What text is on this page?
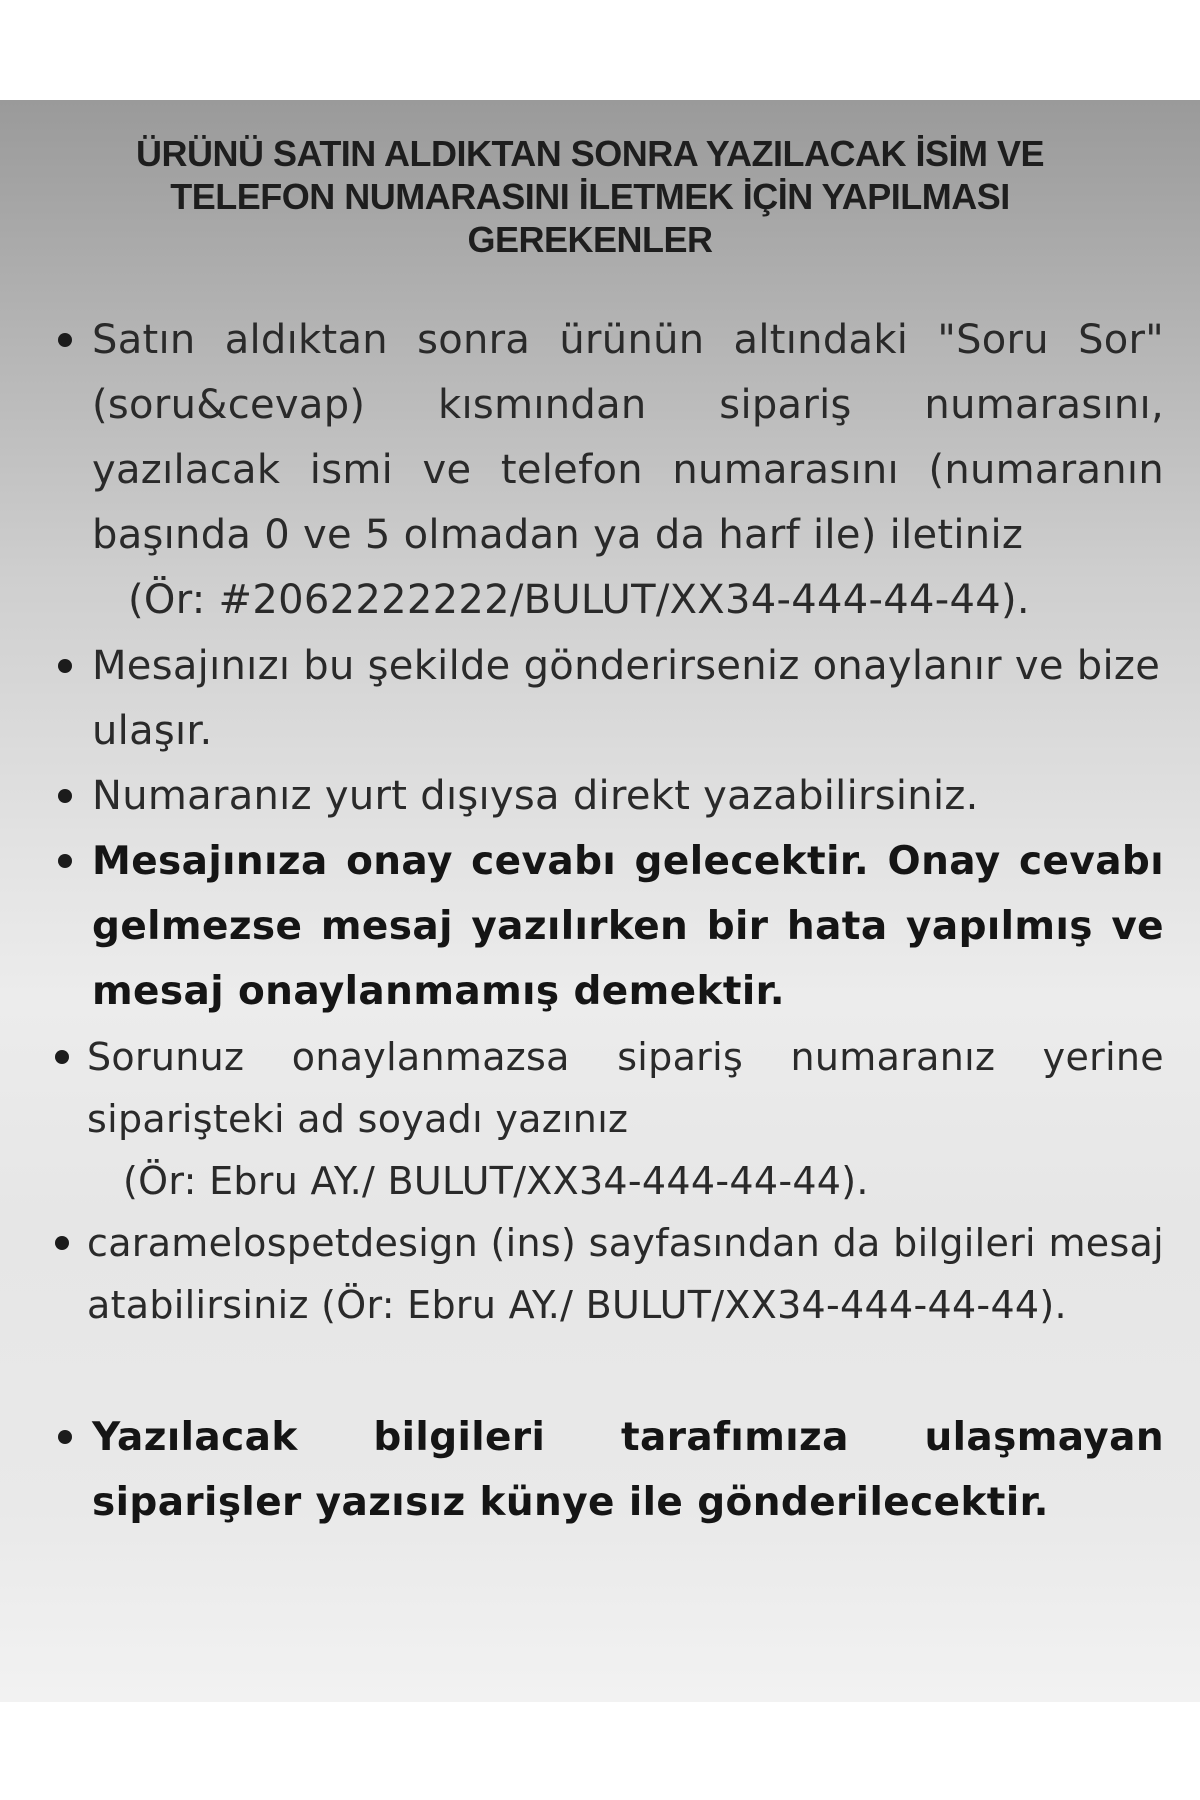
ÜRÜNÜ SATIN ALDIKTAN SONRA YAZILACAK İSİM VE TELEFON NUMARASINI İLETMEK İÇİN YAPILMASI GEREKENLER

Satın aldıktan sonra ürünün altındaki "Soru Sor" (soru&cevap) kısmından sipariş numarasını, yazılacak ismi ve telefon numarasını (numaranın başında 0 ve 5 olmadan ya da harf ile) iletiniz
(Ör: #2062222222/BULUT/XX34-444-44-44).

Mesajınızı bu şekilde gönderirseniz onaylanır ve bize ulaşır.

Numaranız yurt dışıysa direkt yazabilirsiniz.

Mesajınıza onay cevabı gelecektir. Onay cevabı gelmezse mesaj yazılırken bir hata yapılmış ve mesaj onaylanmamış demektir.

Sorunuz onaylanmazsa sipariş numaranız yerine siparişteki ad soyadı yazınız
(Ör: Ebru AY./ BULUT/XX34-444-44-44).

caramelospetdesign (ins) sayfasından da bilgileri mesaj atabilirsiniz (Ör: Ebru AY./ BULUT/XX34-444-44-44).

Yazılacak bilgileri tarafımıza ulaşmayan siparişler yazısız künye ile gönderilecektir.
